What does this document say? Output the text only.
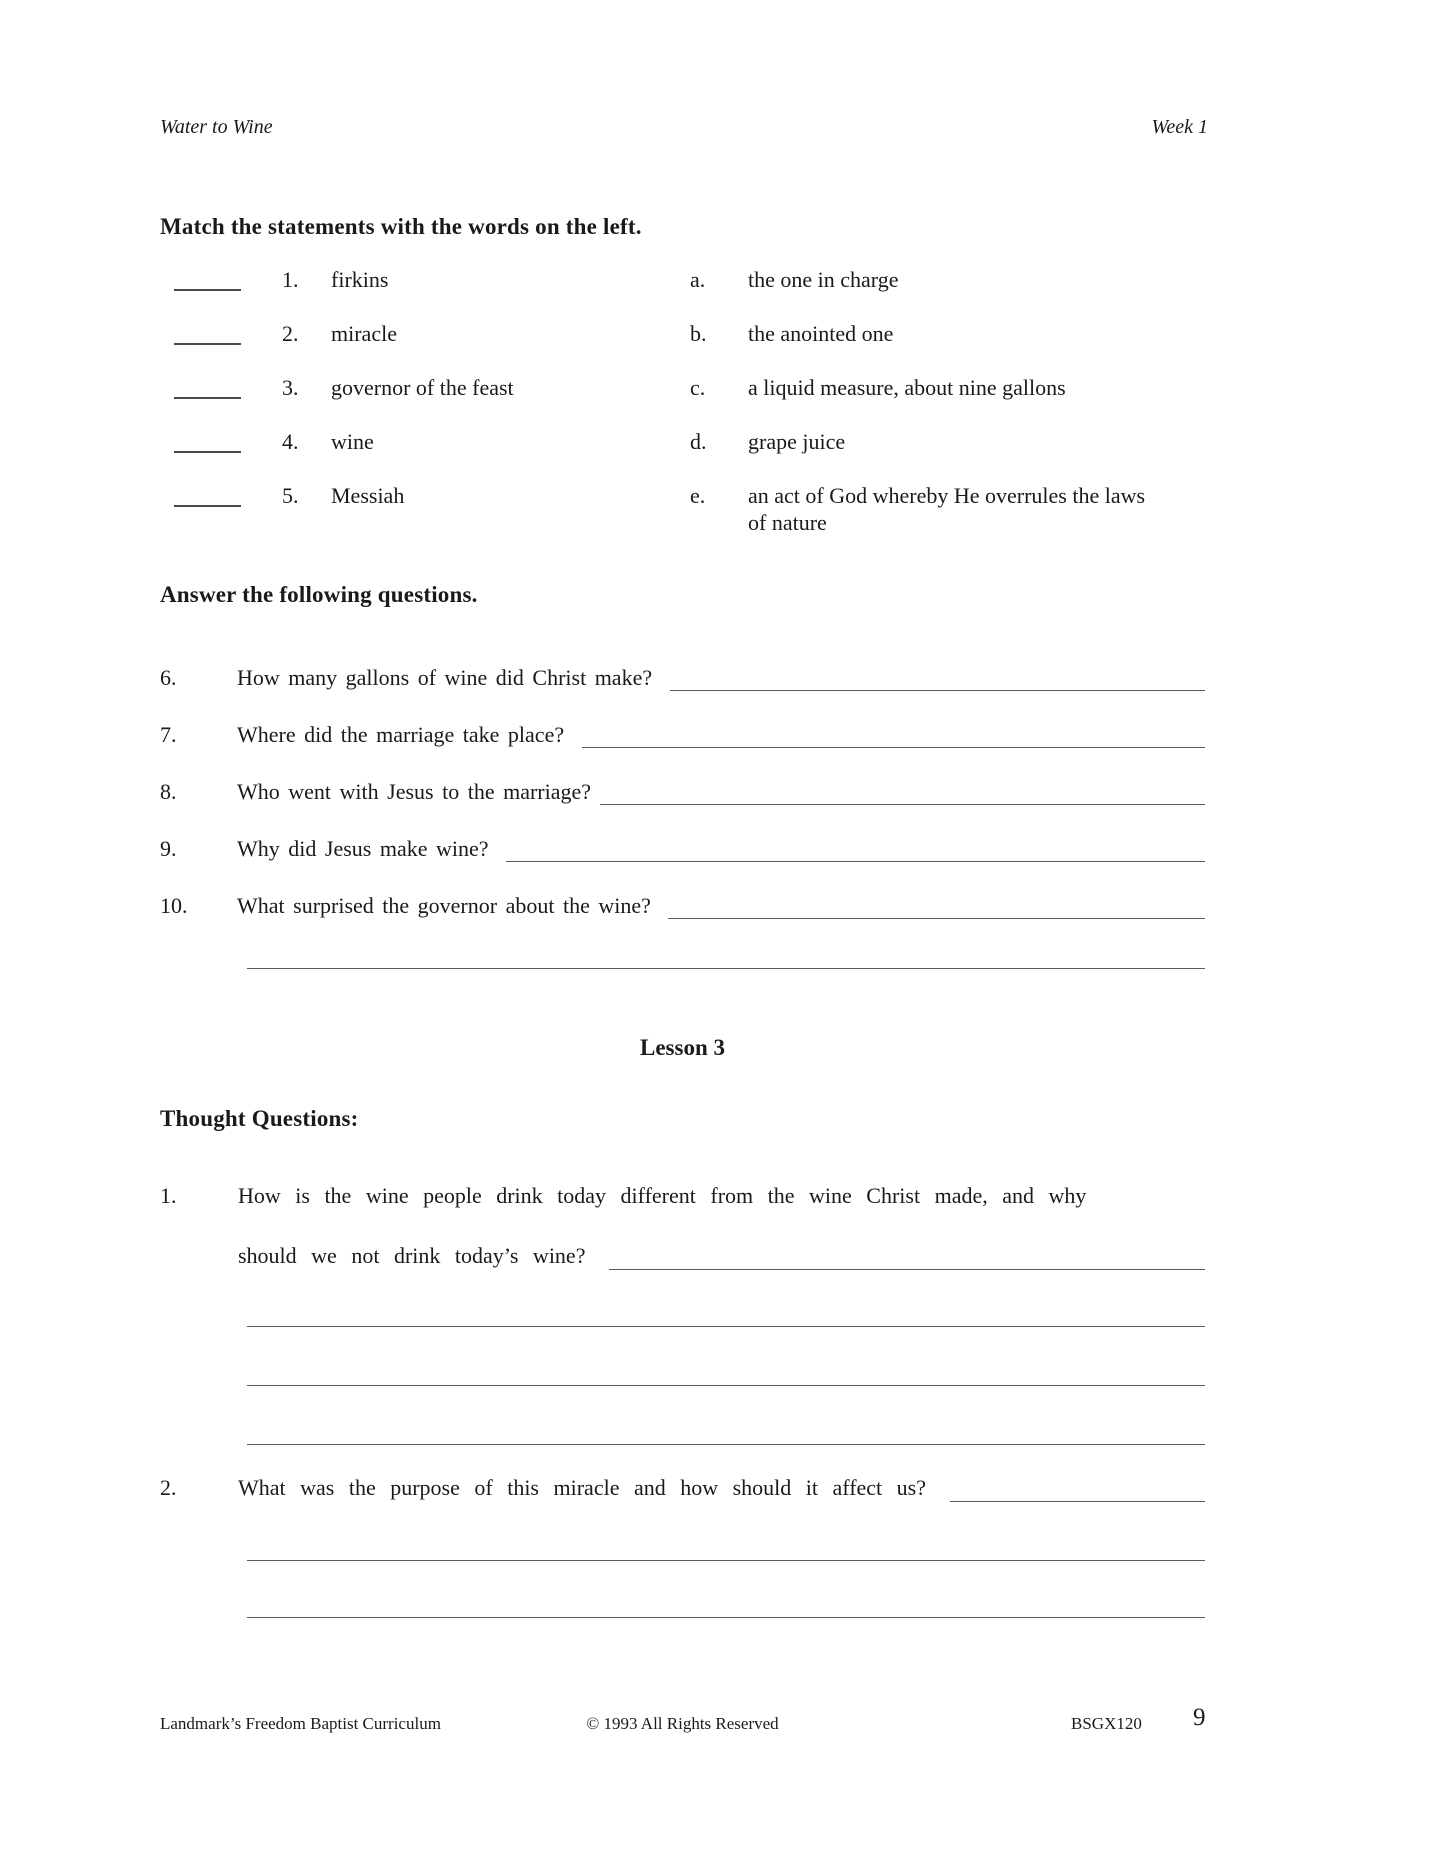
Water to Wine	Week 1
Match the statements with the words on the left.
1. firkins	a. the one in charge
2. miracle	b. the anointed one
3. governor of the feast	c. a liquid measure, about nine gallons
4. wine	d. grape juice
5. Messiah	e. an act of God whereby He overrules the laws of nature
Answer the following questions.
6.	How many gallons of wine did Christ make?
7.	Where did the marriage take place?
8.	Who went with Jesus to the marriage?
9.	Why did Jesus make wine?
10.	What surprised the governor about the wine?
Lesson 3
Thought Questions:
1.	How is the wine people drink today different from the wine Christ made, and why
should we not drink today’s wine?
2.	What was the purpose of this miracle and how should it affect us?
Landmark’s Freedom Baptist Curriculum	© 1993 All Rights Reserved	BSGX120 9
